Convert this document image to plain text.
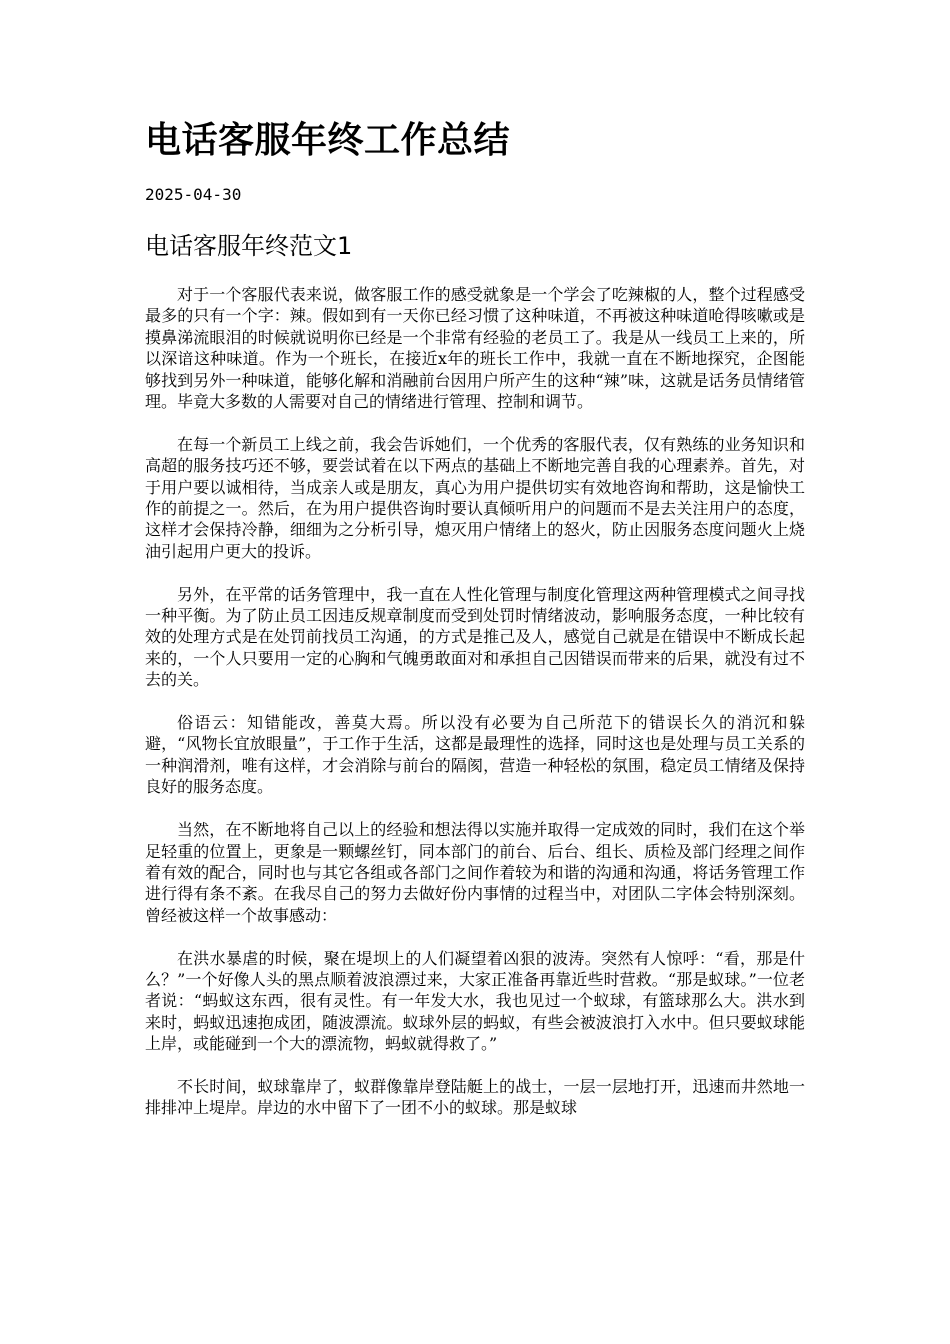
电话客服年终工作总结
2025-04-30
电话客服年终范文1

对于一个客服代表来说，做客服工作的感受就象是一个学会了吃辣椒的人，整个过程感受最多的只有一个字：辣。假如到有一天你已经习惯了这种味道，不再被这种味道呛得咳嗽或是摸鼻涕流眼泪的时候就说明你已经是一个非常有经验的老员工了。我是从一线员工上来的，所以深谙这种味道。作为一个班长，在接近x年的班长工作中，我就一直在不断地探究，企图能够找到另外一种味道，能够化解和消融前台因用户所产生的这种“辣”味，这就是话务员情绪管理。毕竟大多数的人需要对自己的情绪进行管理、控制和调节。

在每一个新员工上线之前，我会告诉她们，一个优秀的客服代表，仅有熟练的业务知识和高超的服务技巧还不够，要尝试着在以下两点的基础上不断地完善自我的心理素养。首先，对于用户要以诚相待，当成亲人或是朋友，真心为用户提供切实有效地咨询和帮助，这是愉快工作的前提之一。然后，在为用户提供咨询时要认真倾听用户的问题而不是去关注用户的态度，这样才会保持冷静，细细为之分析引导，熄灭用户情绪上的怒火，防止因服务态度问题火上烧油引起用户更大的投诉。

另外，在平常的话务管理中，我一直在人性化管理与制度化管理这两种管理模式之间寻找一种平衡。为了防止员工因违反规章制度而受到处罚时情绪波动，影响服务态度，一种比较有效的处理方式是在处罚前找员工沟通，的方式是推己及人，感觉自己就是在错误中不断成长起来的，一个人只要用一定的心胸和气魄勇敢面对和承担自己因错误而带来的后果，就没有过不去的关。

俗语云：知错能改，善莫大焉。所以没有必要为自己所范下的错误长久的消沉和躲避，“风物长宜放眼量”，于工作于生活，这都是最理性的选择，同时这也是处理与员工关系的一种润滑剂，唯有这样，才会消除与前台的隔阂，营造一种轻松的氛围，稳定员工情绪及保持良好的服务态度。

当然，在不断地将自己以上的经验和想法得以实施并取得一定成效的同时，我们在这个举足轻重的位置上，更象是一颗螺丝钉，同本部门的前台、后台、组长、质检及部门经理之间作着有效的配合，同时也与其它各组或各部门之间作着较为和谐的沟通和沟通，将话务管理工作进行得有条不紊。在我尽自己的努力去做好份内事情的过程当中，对团队二字体会特别深刻。曾经被这样一个故事感动：

在洪水暴虐的时候，聚在堤坝上的人们凝望着凶狠的波涛。突然有人惊呼：“看，那是什么？”一个好像人头的黑点顺着波浪漂过来，大家正准备再靠近些时营救。“那是蚁球。”一位老者说：“蚂蚁这东西，很有灵性。有一年发大水，我也见过一个蚁球，有篮球那么大。洪水到来时，蚂蚁迅速抱成团，随波漂流。蚁球外层的蚂蚁，有些会被波浪打入水中。但只要蚁球能上岸，或能碰到一个大的漂流物，蚂蚁就得救了。”

不长时间，蚁球靠岸了，蚁群像靠岸登陆艇上的战士，一层一层地打开，迅速而井然地一排排冲上堤岸。岸边的水中留下了一团不小的蚁球。那是蚁球
